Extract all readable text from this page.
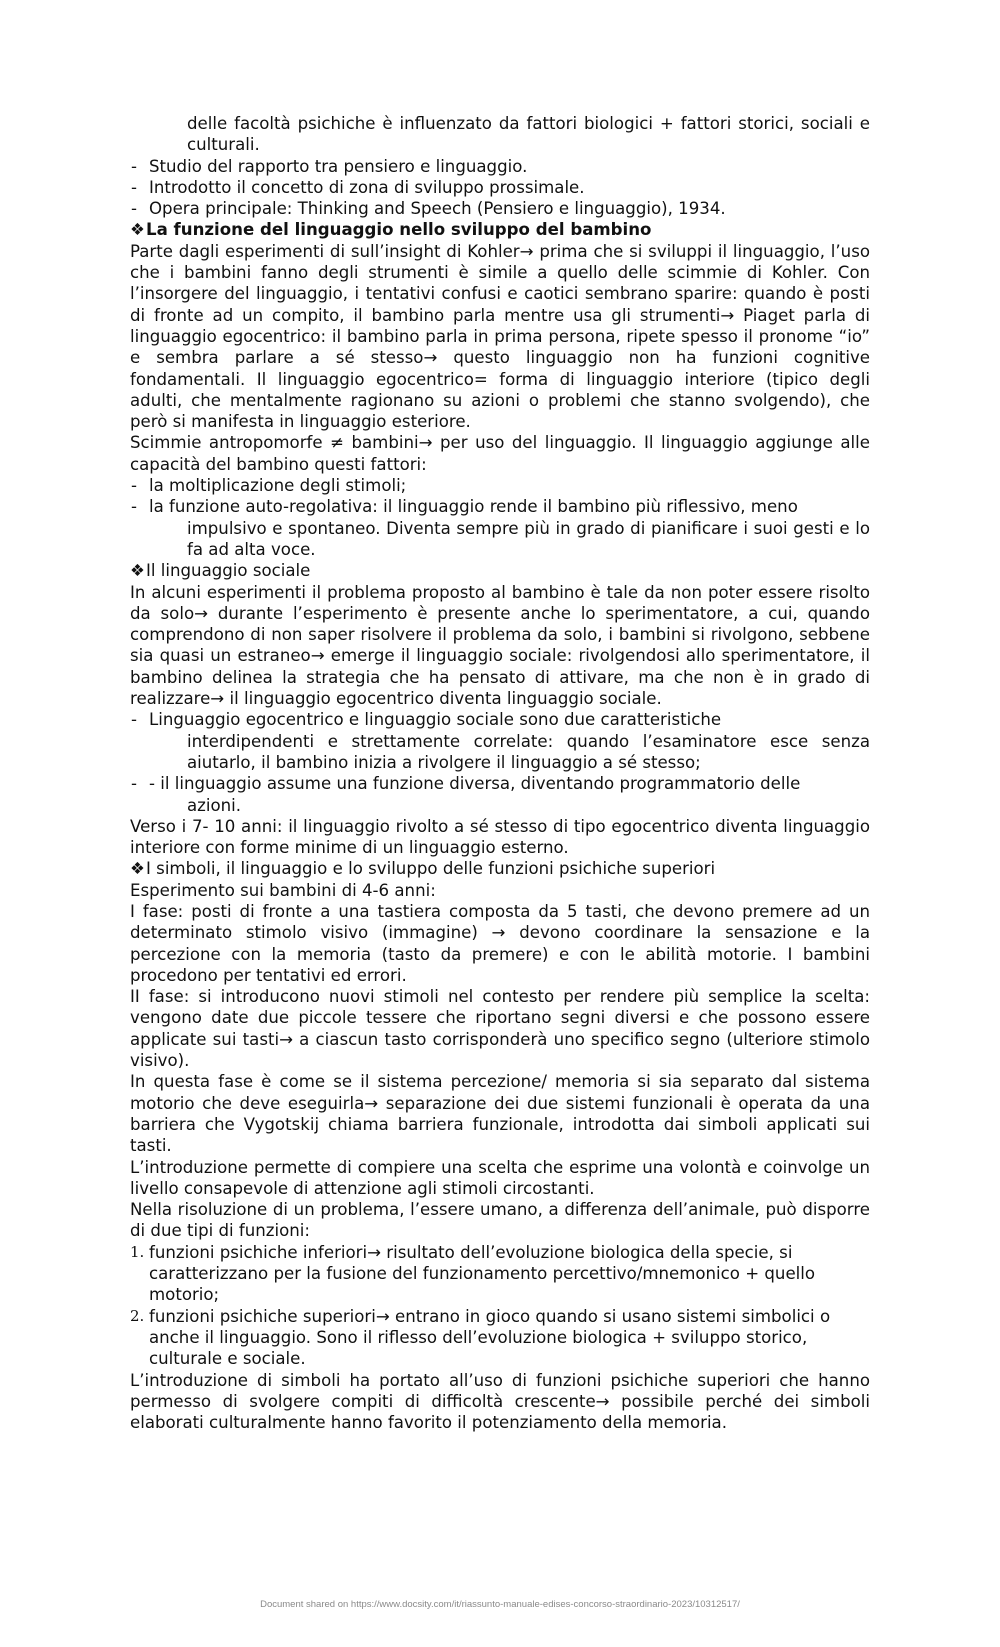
delle facoltà psichiche è influenzato da fattori biologici + fattori storici, sociali e culturali.

- Studio del rapporto tra pensiero e linguaggio.
- Introdotto il concetto di zona di sviluppo prossimale.
- Opera principale: Thinking and Speech (Pensiero e linguaggio), 1934.

❖La funzione del linguaggio nello sviluppo del bambino

Parte dagli esperimenti di sull’insight di Kohler→ prima che si sviluppi il linguaggio, l’uso che i bambini fanno degli strumenti è simile a quello delle scimmie di Kohler. Con l’insorgere del linguaggio, i tentativi confusi e caotici sembrano sparire: quando è posti di fronte ad un compito, il bambino parla mentre usa gli strumenti→ Piaget parla di linguaggio egocentrico: il bambino parla in prima persona, ripete spesso il pronome “io” e sembra parlare a sé stesso→ questo linguaggio non ha funzioni cognitive fondamentali. Il linguaggio egocentrico= forma di linguaggio interiore (tipico degli adulti, che mentalmente ragionano su azioni o problemi che stanno svolgendo), che però si manifesta in linguaggio esteriore.

Scimmie antropomorfe ≠ bambini→ per uso del linguaggio. Il linguaggio aggiunge alle capacità del bambino questi fattori:

- la moltiplicazione degli stimoli;
- la funzione auto-regolativa: il linguaggio rende il bambino più riflessivo, meno
impulsivo e spontaneo. Diventa sempre più in grado di pianificare i suoi gesti e lo fa ad alta voce.

❖Il linguaggio sociale

In alcuni esperimenti il problema proposto al bambino è tale da non poter essere risolto da solo→ durante l’esperimento è presente anche lo sperimentatore, a cui, quando comprendono di non saper risolvere il problema da solo, i bambini si rivolgono, sebbene sia quasi un estraneo→ emerge il linguaggio sociale: rivolgendosi allo sperimentatore, il bambino delinea la strategia che ha pensato di attivare, ma che non è in grado di realizzare→ il linguaggio egocentrico diventa linguaggio sociale.

- Linguaggio egocentrico e linguaggio sociale sono due caratteristiche
interdipendenti e strettamente correlate: quando l’esaminatore esce senza aiutarlo, il bambino inizia a rivolgere il linguaggio a sé stesso;
- - il linguaggio assume una funzione diversa, diventando programmatorio delle
azioni.

Verso i 7- 10 anni: il linguaggio rivolto a sé stesso di tipo egocentrico diventa linguaggio interiore con forme minime di un linguaggio esterno.

❖I simboli, il linguaggio e lo sviluppo delle funzioni psichiche superiori

Esperimento sui bambini di 4-6 anni:

I fase: posti di fronte a una tastiera composta da 5 tasti, che devono premere ad un determinato stimolo visivo (immagine) → devono coordinare la sensazione e la percezione con la memoria (tasto da premere) e con le abilità motorie. I bambini procedono per tentativi ed errori.

II fase: si introducono nuovi stimoli nel contesto per rendere più semplice la scelta: vengono date due piccole tessere che riportano segni diversi e che possono essere applicate sui tasti→ a ciascun tasto corrisponderà uno specifico segno (ulteriore stimolo visivo).

In questa fase è come se il sistema percezione/ memoria si sia separato dal sistema motorio che deve eseguirla→ separazione dei due sistemi funzionali è operata da una barriera che Vygotskij chiama barriera funzionale, introdotta dai simboli applicati sui tasti.

L’introduzione permette di compiere una scelta che esprime una volontà e coinvolge un livello consapevole di attenzione agli stimoli circostanti.

Nella risoluzione di un problema, l’essere umano, a differenza dell’animale, può disporre di due tipi di funzioni:

1. funzioni psichiche inferiori→ risultato dell’evoluzione biologica della specie, si caratterizzano per la fusione del funzionamento percettivo/mnemonico + quello motorio;
2. funzioni psichiche superiori→ entrano in gioco quando si usano sistemi simbolici o anche il linguaggio. Sono il riflesso dell’evoluzione biologica + sviluppo storico, culturale e sociale.

L’introduzione di simboli ha portato all’uso di funzioni psichiche superiori che hanno permesso di svolgere compiti di difficoltà crescente→ possibile perché dei simboli elaborati culturalmente hanno favorito il potenziamento della memoria.

Document shared on https://www.docsity.com/it/riassunto-manuale-edises-concorso-straordinario-2023/10312517/
